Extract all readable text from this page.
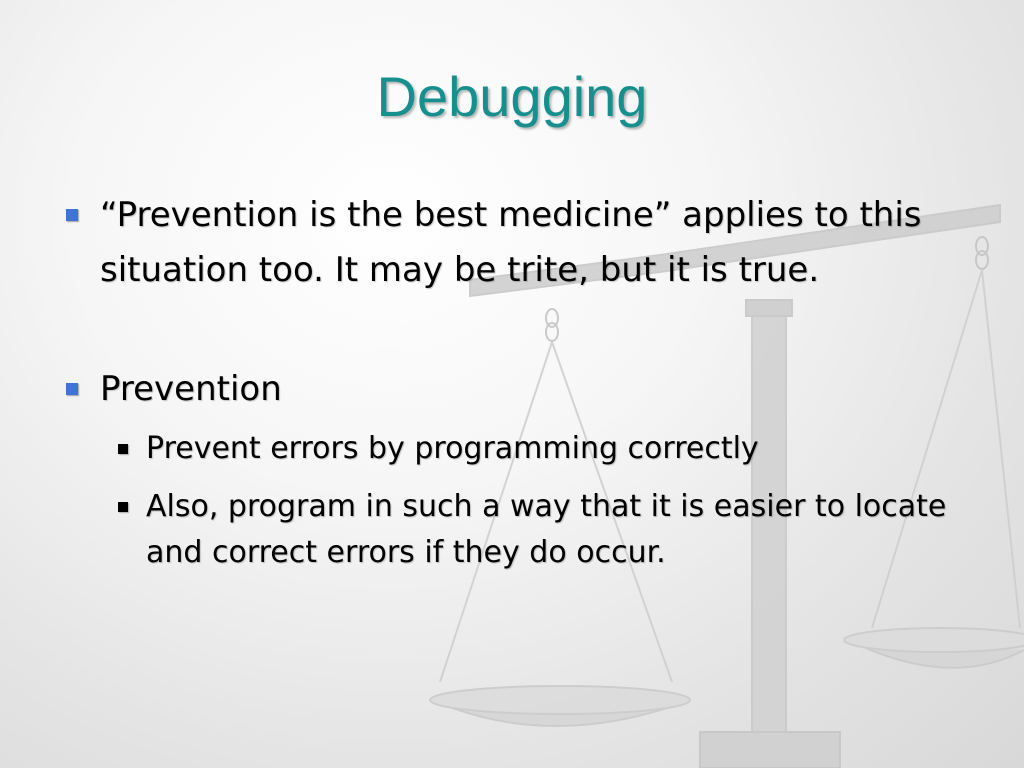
Debugging
“Prevention is the best medicine” applies to this situation too. It may be trite, but it is true.
Prevention
Prevent errors by programming correctly
Also, program in such a way that it is easier to locate and correct errors if they do occur.
